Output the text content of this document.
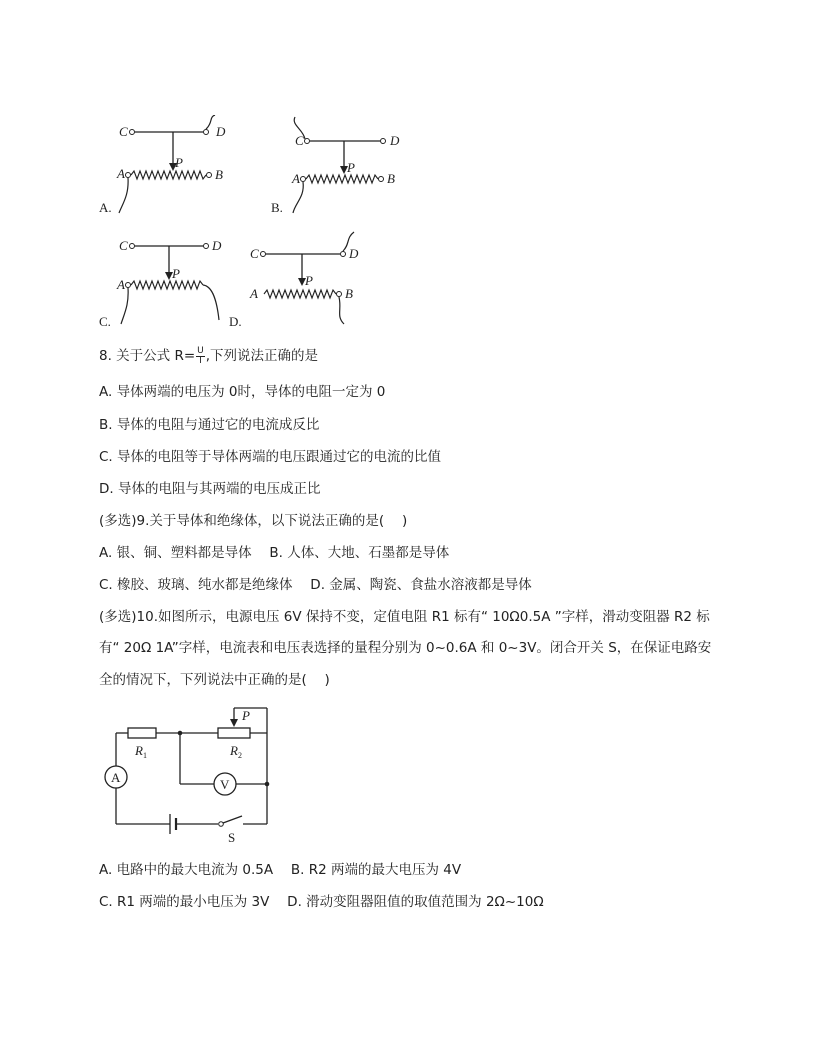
C	D
P
A	B
A.
C	D
P
A	B
B.
C	D
P
A
C.
C	D
P
A	B
D.
8. 关于公式 $R= \frac{U}{I}$ ,下列说法正确的是
A. 导体两端的电压为 0时，导体的电阻一定为 0
B. 导体的电阻与通过它的电流成反比
C. 导体的电阻等于导体两端的电压跟通过它的电流的比值
D. 导体的电阻与其两端的电压成正比
(多选)9.关于导体和绝缘体，以下说法正确的是(　 )
A. 银、铜、塑料都是导体　 B. 人体、大地、石墨都是导体
C. 橡胶、玻璃、纯水都是绝缘体　 D. 金属、陶瓷、食盐水溶液都是导体
(多选)10.如图所示，电源电压 6V 保持不变，定值电阻 R1 标有“ 10Ω0.5A ”字样，滑动变阻器 R2 标
有“ 20Ω 1A”字样，电流表和电压表选择的量程分别为 0~0.6A 和 0~3V。闭合开关 S，在保证电路安
全的情况下，下列说法中正确的是(　 )
$R_1$	$R_2$
P
V
A
S
A. 电路中的最大电流为 0.5A　 B. R2 两端的最大电压为 4V
C. R1 两端的最小电压为 3V　 D. 滑动变阻器阻值的取值范围为 2Ω~10Ω
